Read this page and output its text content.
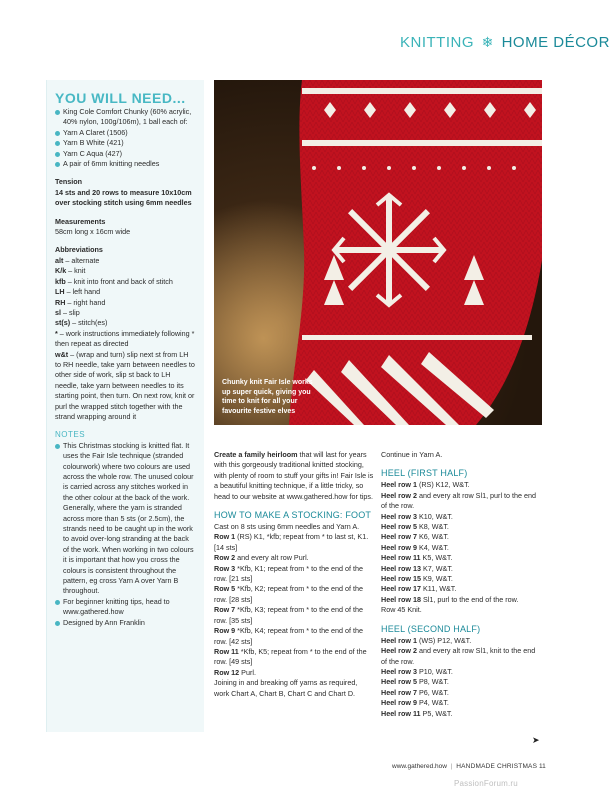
KNITTING ❄ HOME DÉCOR
YOU WILL NEED...
King Cole Comfort Chunky (60% acrylic, 40% nylon, 100g/106m), 1 ball each of:
Yarn A Claret (1506)
Yarn B White (421)
Yarn C Aqua (427)
A pair of 6mm knitting needles
Tension
14 sts and 20 rows to measure 10x10cm over stocking stitch using 6mm needles
Measurements
58cm long x 16cm wide
Abbreviations
alt – alternate
K/k – knit
kfb – knit into front and back of stitch
LH – left hand
RH – right hand
sl – slip
st(s) – stitch(es)
* – work instructions immediately following * then repeat as directed
w&t – (wrap and turn) slip next st from LH to RH needle, take yarn between needles to other side of work, slip st back to LH needle, take yarn between needles to its starting point, then turn. On next row, knit or purl the wrapped stitch together with the strand wrapping around it
NOTES
This Christmas stocking is knitted flat. It uses the Fair Isle technique (stranded colourwork) where two colours are used across the whole row. The unused colour is carried across any stitches worked in the other colour at the back of the work. Generally, where the yarn is stranded across more than 5 sts (or 2.5cm), the strands need to be caught up in the work to avoid over-long stranding at the back of the work. When working in two colours it is important that how you cross the colours is consistent throughout the pattern, eg cross Yarn A over Yarn B throughout.
For beginner knitting tips, head to www.gathered.how
Designed by Ann Franklin
Chunky knit Fair Isle works up super quick, giving you time to knit for all your favourite festive elves
Create a family heirloom that will last for years with this gorgeously traditional knitted stocking, with plenty of room to stuff your gifts in! Fair Isle is a beautiful knitting technique, if a little tricky, so head to our website at www.gathered.how for tips.
HOW TO MAKE A STOCKING: FOOT
Cast on 8 sts using 6mm needles and Yarn A.
Row 1 (RS) K1, *kfb; repeat from * to last st, K1. [14 sts]
Row 2 and every alt row Purl.
Row 3 *Kfb, K1; repeat from * to the end of the row. [21 sts]
Row 5 *Kfb, K2; repeat from * to the end of the row. [28 sts]
Row 7 *Kfb, K3; repeat from * to the end of the row. [35 sts]
Row 9 *Kfb, K4; repeat from * to the end of the row. [42 sts]
Row 11 *Kfb, K5; repeat from * to the end of the row. [49 sts]
Row 12 Purl.
Joining in and breaking off yarns as required, work Chart A, Chart B, Chart C and Chart D.
Continue in Yarn A.
HEEL (FIRST HALF)
Heel row 1 (RS) K12, W&T.
Heel row 2 and every alt row Sl1, purl to the end of the row.
Heel row 3 K10, W&T.
Heel row 5 K8, W&T.
Heel row 7 K6, W&T.
Heel row 9 K4, W&T.
Heel row 11 K5, W&T.
Heel row 13 K7, W&T.
Heel row 15 K9, W&T.
Heel row 17 K11, W&T.
Heel row 18 Sl1, purl to the end of the row.
Row 45 Knit.
HEEL (SECOND HALF)
Heel row 1 (WS) P12, W&T.
Heel row 2 and every alt row Sl1, knit to the end of the row.
Heel row 3 P10, W&T.
Heel row 5 P8, W&T.
Heel row 7 P6, W&T.
Heel row 9 P4, W&T.
Heel row 11 P5, W&T.
➤
www.gathered.how | HANDMADE CHRISTMAS 11
PassionForum.ru
